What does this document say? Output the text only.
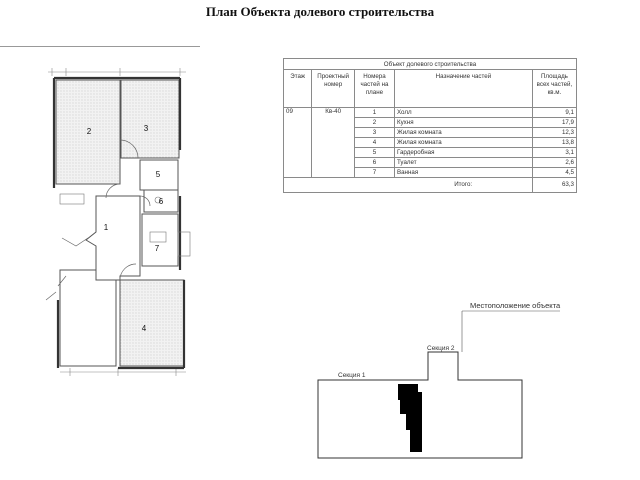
План Объекта долевого строительства
Объект долевого строительства				
Этаж	Проектный номер	Номера частей на плане	Назначение частей	Площадь всех частей, кв.м.
09	Кв-40	1	Холл	9,1
		2	Кухня	17,9
		3	Жилая комната	12,3
		4	Жилая комната	13,8
		5	Гардеробная	3,1
		6	Туалет	2,6
		7	Ванная	4,5
			Итого:	63,3
1
2	3
4
5
6
7
Местоположение объекта
Секция 1
Секция 2
